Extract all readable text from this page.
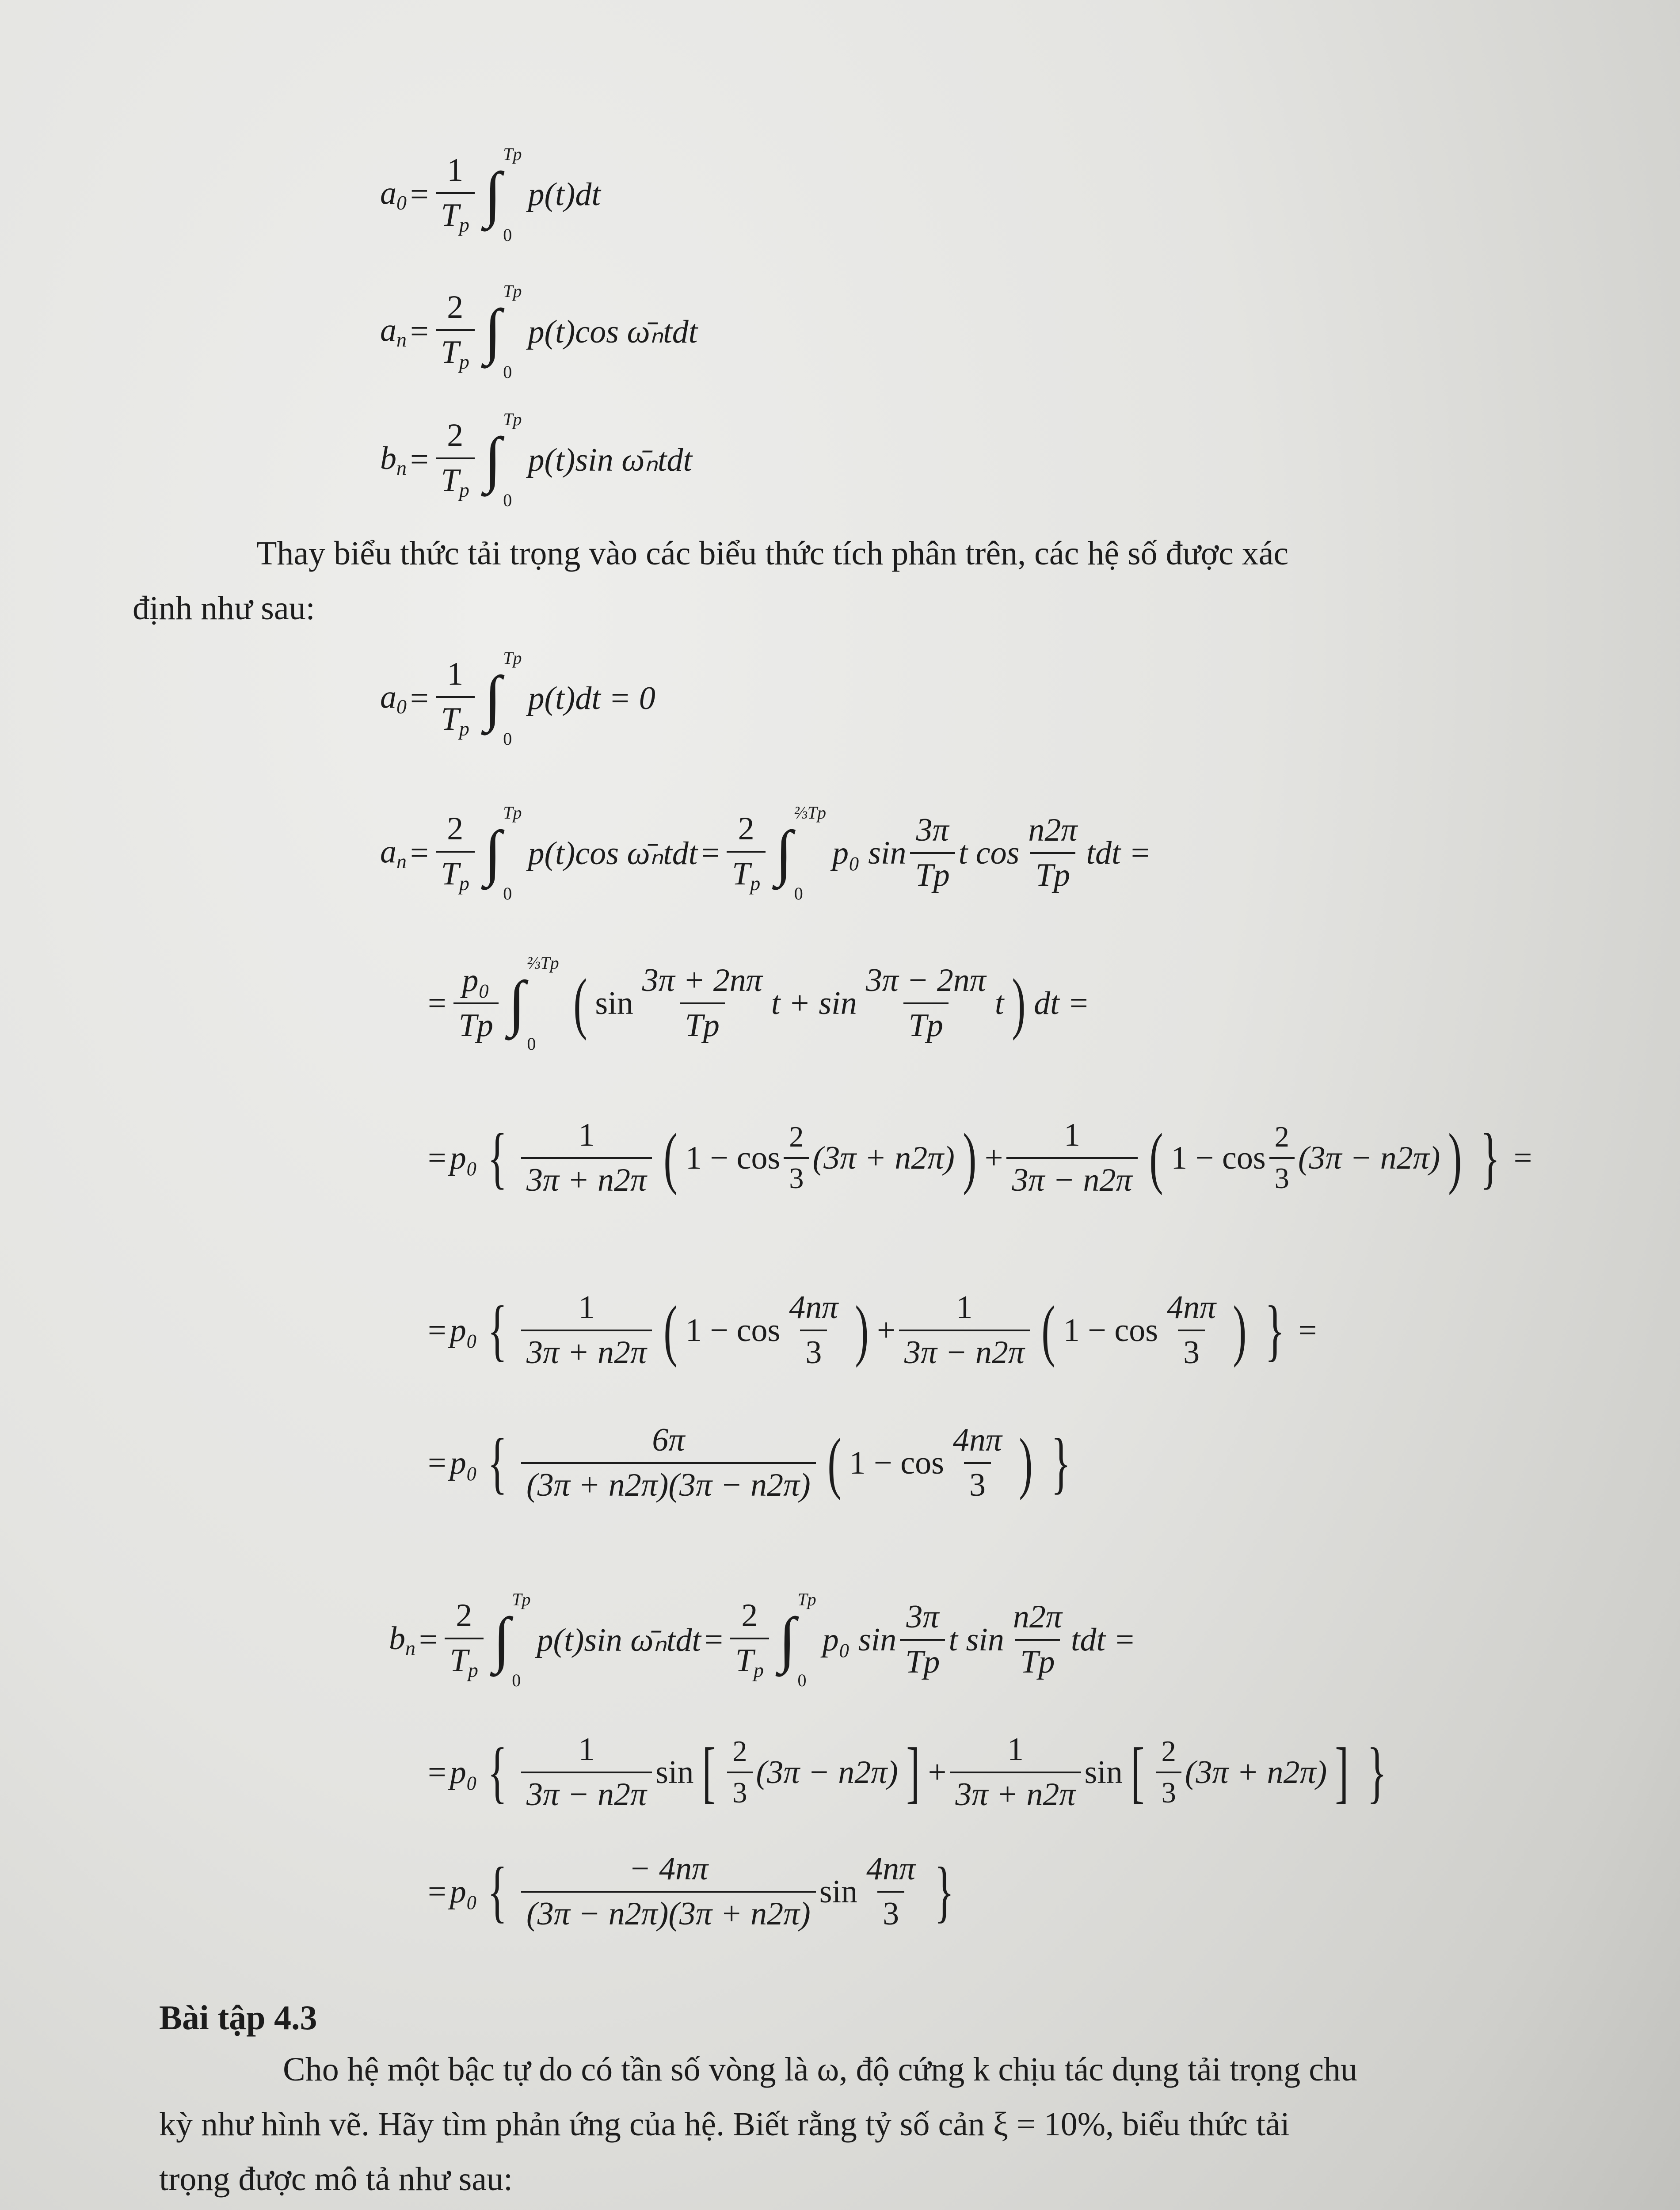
$a_0 = \frac{1}{T_p}$ ∫
Tp
0
p(t)dt
$a_n = \frac{2}{T_p}$ ∫
Tp
0
p(t)cos ω̄ₙtdt
$b_n = \frac{2}{T_p}$ ∫
Tp
0
p(t)sin ω̄ₙtdt
Thay biểu thức tải trọng vào các biểu thức tích phân trên, các hệ số được xác
định như sau:
$a_0 = \frac{1}{T_p}$ ∫
Tp
0
p(t)dt = 0
$a_n = \frac{2}{T_p}$ ∫
Tp
0
p(t)cos ω̄ₙtdt = $\frac{2}{T_p}$ ∫
⅔Tp
0
p₀ sin
3π
Tp
t cos
n2π
Tp
tdt =
= $\frac{\text{p₀}}{Tp}$ ∫
⅔Tp
0
( sin
3π + 2nπ
Tp
t + sin
3π − 2nπ
Tp
t ) dt =
= p₀ { 1
3π + n2π ( 1 − cos
2
3
(3π + n2π) ) + $\frac{1}{3\pi - n2\pi}$ ( 1 − cos
2
3
(3π − n2π) ) } =
= p₀ { 1
3π + n2π ( 1 − cos
4nπ
3 ) + $\frac{1}{3\pi - n2\pi}$ ( 1 − cos
4nπ
3 ) } =
= p₀ {	6π
(3π + n2π)(3π − n2π) ( 1 − cos
4nπ
3 ) }
$b_n = \frac{2}{T_p}$ ∫
Tp
0
p(t)sin ω̄ₙtdt = $\frac{2}{T_p}$ ∫
Tp
0
p₀ sin
3π
Tp
t sin
n2π
Tp
tdt =
= p₀ { 1
3π − n2π
sin [ 2
3
(3π − n2π) ] + $\frac{1}{3\pi + n2\pi}$ sin [ 2
3
(3π + n2π) ] }
= p₀ {	− 4nπ
(3π − n2π)(3π + n2π)
sin
4nπ
3 }
Bài tập 4.3
Cho hệ một bậc tự do có tần số vòng là ω, độ cứng k chịu tác dụng tải trọng chu
kỳ như hình vẽ. Hãy tìm phản ứng của hệ. Biết rằng tỷ số cản ξ = 10%, biểu thức tải
trọng được mô tả như sau:
